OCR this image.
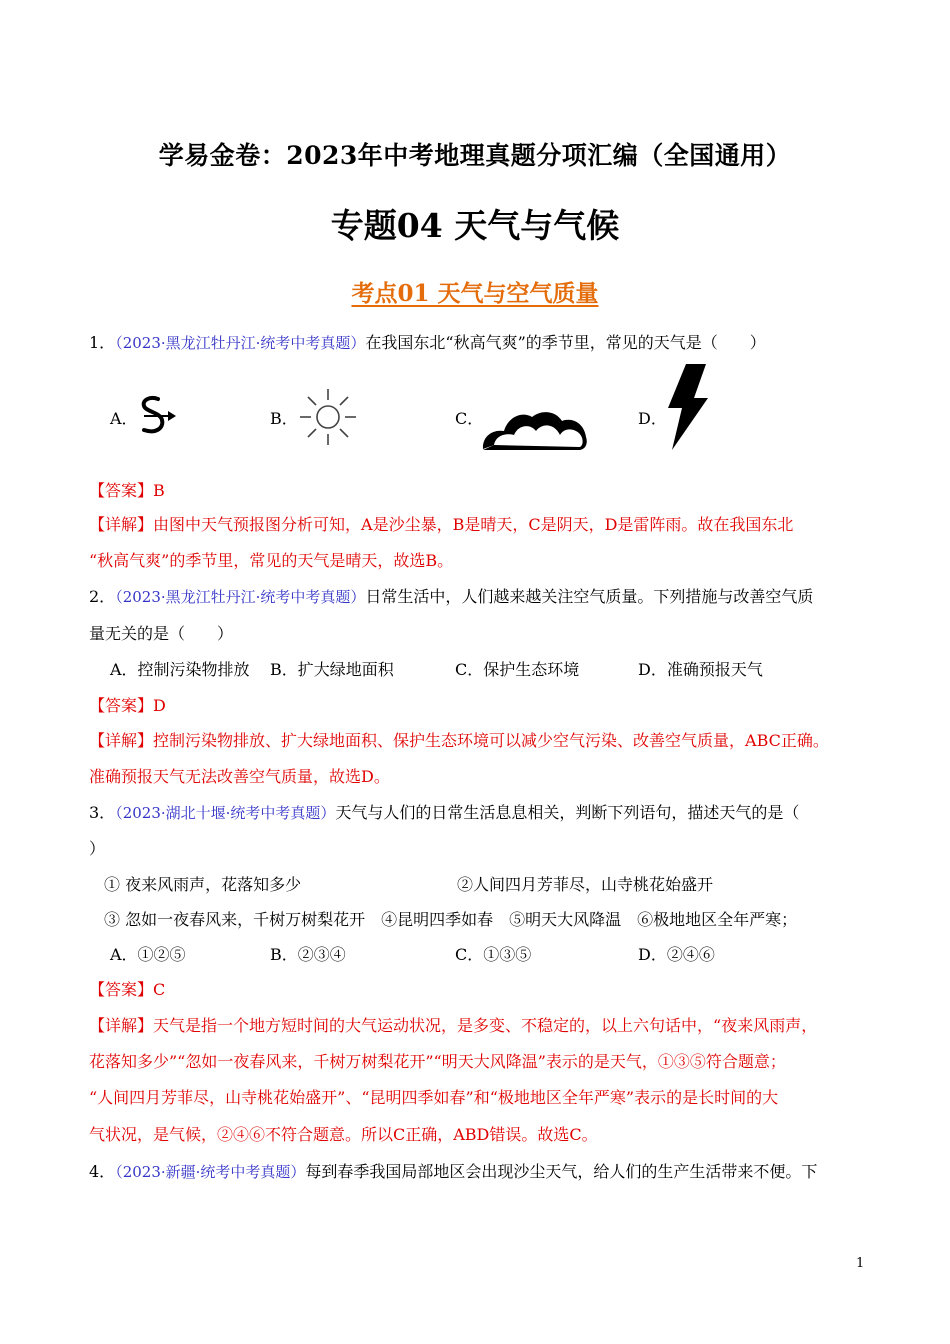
学易金卷：2023年中考地理真题分项汇编（全国通用）
专题04 天气与气候
考点01 天气与空气质量
1．（2023·黑龙江牡丹江·统考中考真题）在我国东北“秋高气爽”的季节里，常见的天气是（　　）
A．	B．	C．	D．
【答案】B
【详解】由图中天气预报图分析可知，A是沙尘暴，B是晴天，C是阴天，D是雷阵雨。故在我国东北
“秋高气爽”的季节里，常见的天气是晴天，故选B。
2．（2023·黑龙江牡丹江·统考中考真题）日常生活中，人们越来越关注空气质量。下列措施与改善空气质
量无关的是（　　）
A．控制污染物排放 B．扩大绿地面积	C．保护生态环境	D．准确预报天气
【答案】D
【详解】控制污染物排放、扩大绿地面积、保护生态环境可以减少空气污染、改善空气质量，ABC正确。
准确预报天气无法改善空气质量，故选D。
3．（2023·湖北十堰·统考中考真题）天气与人们的日常生活息息相关，判断下列语句，描述天气的是（
）
① 夜来风雨声，花落知多少	②人间四月芳菲尽，山寺桃花始盛开
③ 忽如一夜春风来，千树万树梨花开　④昆明四季如春　⑤明天大风降温　⑥极地地区全年严寒；
A．①②⑤	B．②③④	C．①③⑤	D．②④⑥
【答案】C
【详解】天气是指一个地方短时间的大气运动状况，是多变、不稳定的，以上六句话中，“夜来风雨声，
花落知多少”“忽如一夜春风来，千树万树梨花开”“明天大风降温”表示的是天气，①③⑤符合题意；
“人间四月芳菲尽，山寺桃花始盛开”、“昆明四季如春”和“极地地区全年严寒”表示的是长时间的大
气状况，是气候，②④⑥不符合题意。所以C正确，ABD错误。故选C。
4．（2023·新疆·统考中考真题）每到春季我国局部地区会出现沙尘天气，给人们的生产生活带来不便。下
1
